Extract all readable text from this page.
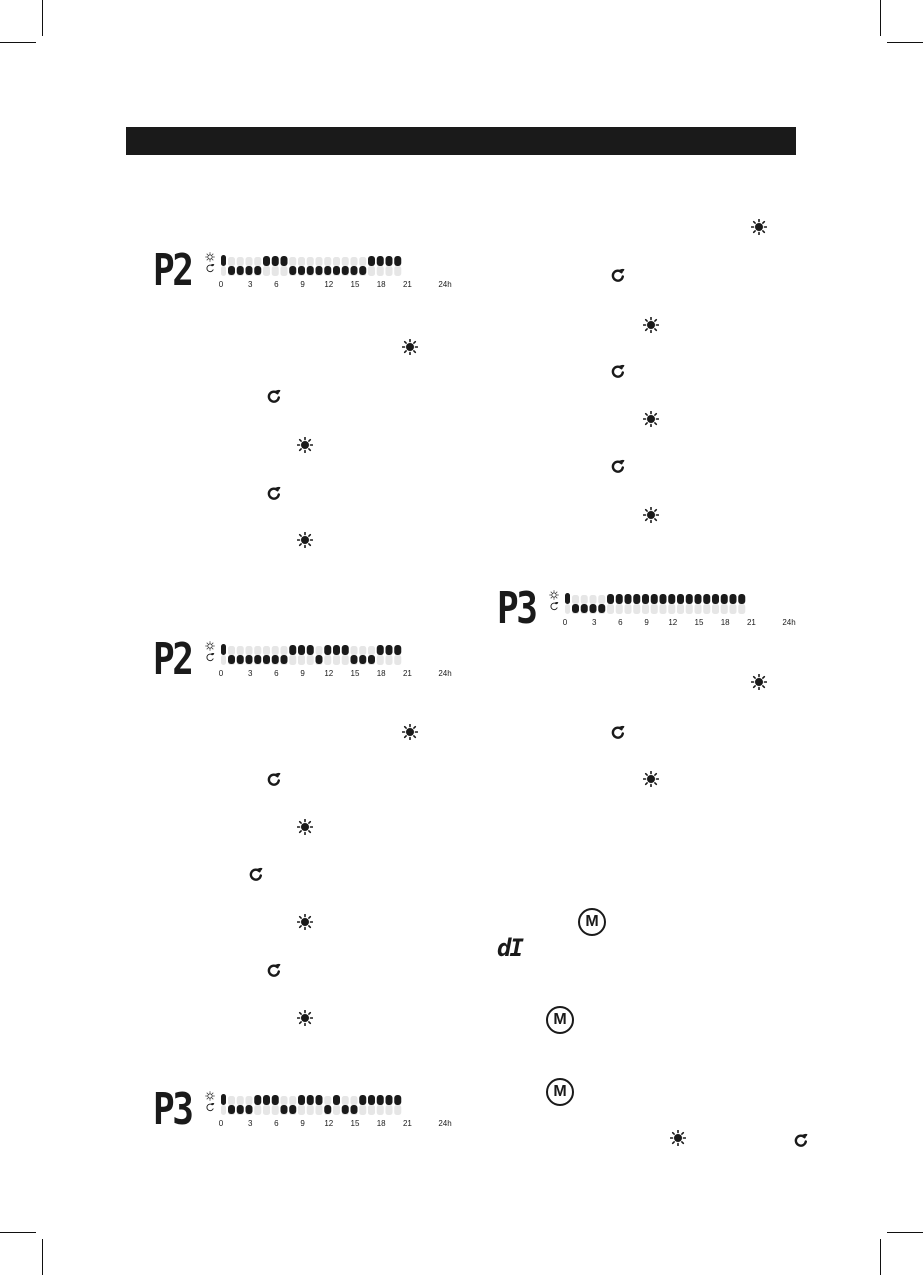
P2	0	3	6	9 12 15 18 21	24h
P2	0	3	6	9 12 15 18 21	24h
P3	0	3	6	9 12 15 18 21	24h
P3	0	3	6	9 12 15 18 21	24h
M
dI
M
M
